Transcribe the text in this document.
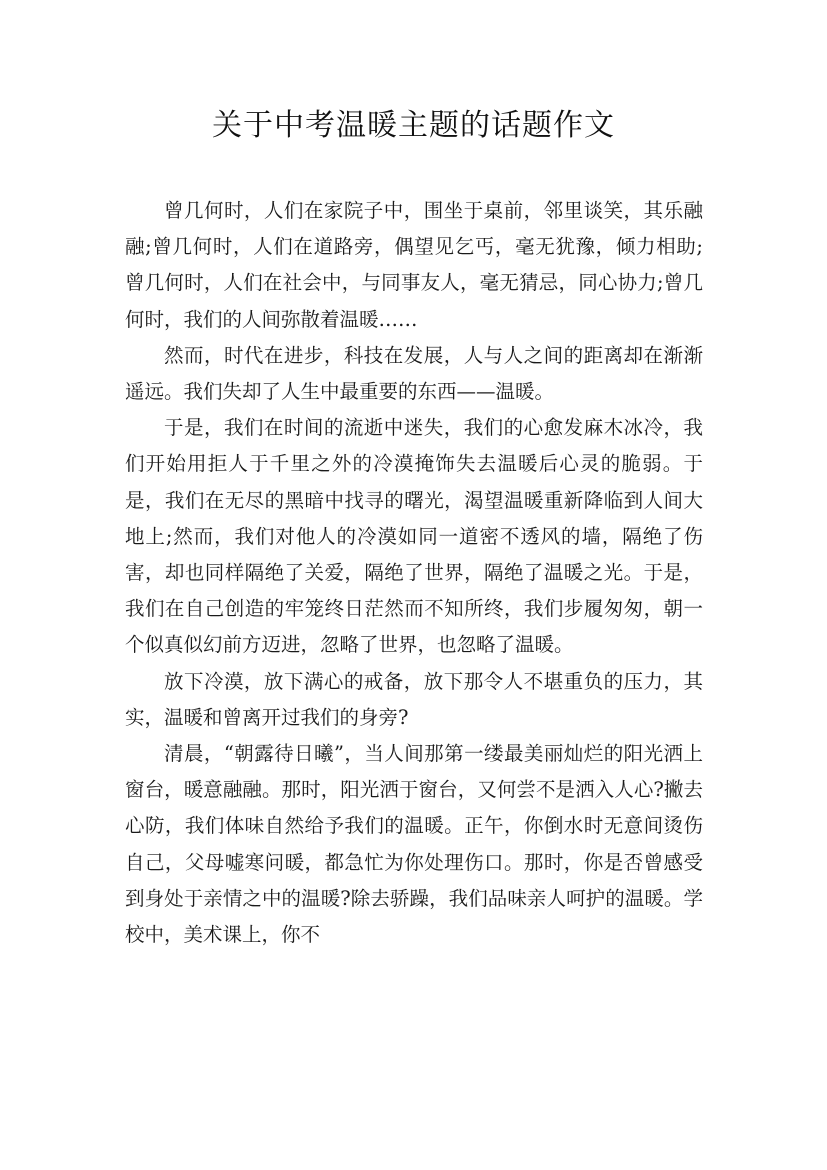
关于中考温暖主题的话题作文

曾几何时，人们在家院子中，围坐于桌前，邻里谈笑，其乐融融;曾几何时，人们在道路旁，偶望见乞丐，毫无犹豫，倾力相助;曾几何时，人们在社会中，与同事友人，毫无猜忌，同心协力;曾几何时，我们的人间弥散着温暖……

然而，时代在进步，科技在发展，人与人之间的距离却在渐渐遥远。我们失却了人生中最重要的东西——温暖。

于是，我们在时间的流逝中迷失，我们的心愈发麻木冰冷，我们开始用拒人于千里之外的冷漠掩饰失去温暖后心灵的脆弱。于是，我们在无尽的黑暗中找寻的曙光，渴望温暖重新降临到人间大地上;然而，我们对他人的冷漠如同一道密不透风的墙，隔绝了伤害，却也同样隔绝了关爱，隔绝了世界，隔绝了温暖之光。于是，我们在自己创造的牢笼终日茫然而不知所终，我们步履匆匆，朝一个似真似幻前方迈进，忽略了世界，也忽略了温暖。

放下冷漠，放下满心的戒备，放下那令人不堪重负的压力，其实，温暖和曾离开过我们的身旁?

清晨，“朝露待日曦”，当人间那第一缕最美丽灿烂的阳光洒上窗台，暖意融融。那时，阳光洒于窗台，又何尝不是洒入人心?撇去心防，我们体味自然给予我们的温暖。正午，你倒水时无意间烫伤自己，父母嘘寒问暖，都急忙为你处理伤口。那时，你是否曾感受到身处于亲情之中的温暖?除去骄躁，我们品味亲人呵护的温暖。学校中，美术课上，你不
